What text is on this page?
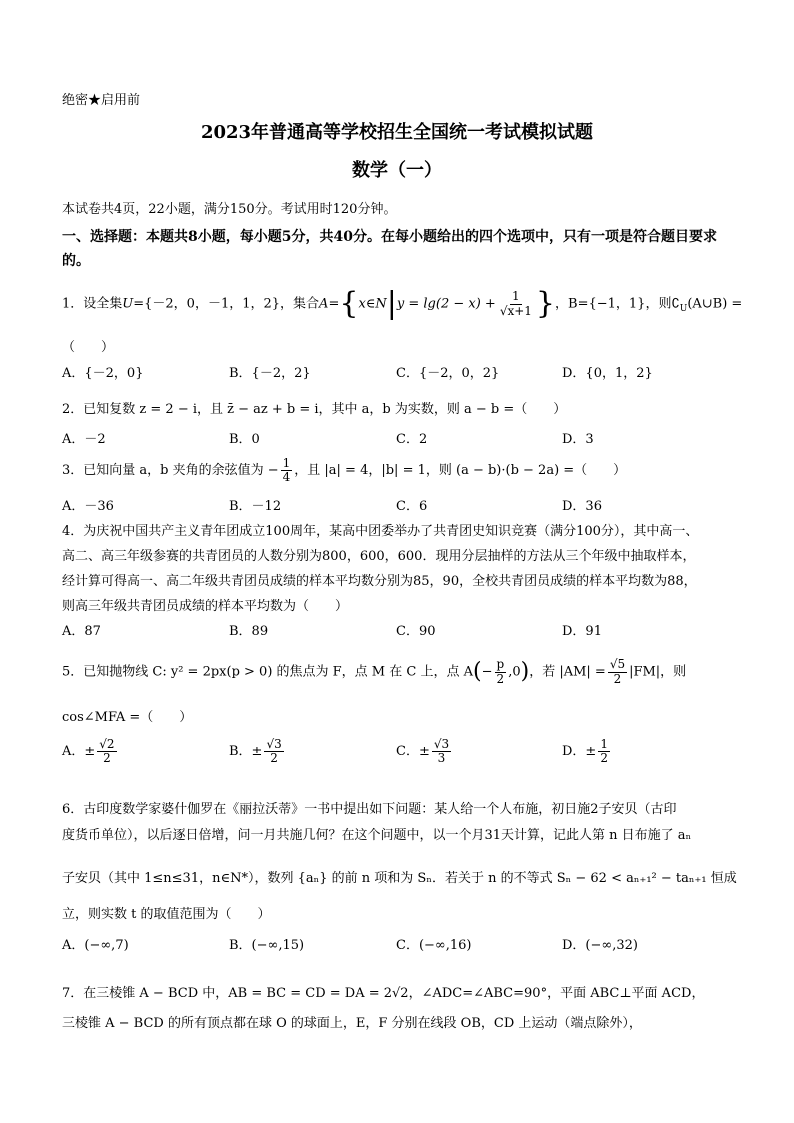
绝密★启用前
2023年普通高等学校招生全国统一考试模拟试题
数学（一）
本试卷共4页，22小题，满分150分。考试用时120分钟。
一、选择题：本题共8小题，每小题5分，共40分。在每小题给出的四个选项中，只有一项是符合题目要求的。
1．设全集U={－2，0，－1，1，2}，集合A={x∈N|y = $\lg(2 - x) + \frac{1}{√x+1}$ }，B={−1，1}，则$∁_U(A\cup B)$ =
（　　）
A．{－2，0}	B．{－2，2}	C．{－2，0，2}	D．{0，1，2}
2．已知复数 z = 2 − i，且 z̄ − az + b = i，其中 a，b 为实数，则 a − b =（　　）
A．－2	B．0	C．2	D．3
3．已知向量 a，b 夹角的余弦值为 − $\frac{1}{4}$ ，且 |a| = 4，|b| = 1，则 (a − b)·(b − 2a) =（　　）
A．－36	B．－12	C．6	D．36
4．为庆祝中国共产主义青年团成立100周年，某高中团委举办了共青团史知识竞赛（满分100分），其中高一、
高二、高三年级参赛的共青团员的人数分别为800，600，600．现用分层抽样的方法从三个年级中抽取样本，
经计算可得高一、高二年级共青团员成绩的样本平均数分别为85，90，全校共青团员成绩的样本平均数为88，
则高三年级共青团员成绩的样本平均数为（　　）
A．87	B．89	C．90	D．91
5．已知抛物线 C: y² = 2px(p > 0) 的焦点为 F，点 M 在 C 上，点 $A(- \frac{p}{2} ,0)$，若 $|AM| = \frac{√5}{2} |FM|$，则
cos∠MFA =（　　）
A．± $\frac{√2}{2}$	B．± $\frac{√3}{2}$	C．± $\frac{√3}{3}$	D．± $\frac{1}{2}$
6．古印度数学家婆什伽罗在《丽拉沃蒂》一书中提出如下问题：某人给一个人布施，初日施2子安贝（古印
度货币单位），以后逐日倍增，问一月共施几何？在这个问题中，以一个月31天计算，记此人第 n 日布施了 aₙ
子安贝（其中 1≤n≤31，n∈N*），数列 {aₙ} 的前 n 项和为 Sₙ．若关于 n 的不等式 Sₙ − 62 < aₙ₊₁² − taₙ₊₁ 恒成
立，则实数 t 的取值范围为（　　）
A．(−∞,7)	B．(−∞,15)	C．(−∞,16)	D．(−∞,32)
7．在三棱锥 A − BCD 中，AB = BC = CD = DA = 2√2，∠ADC=∠ABC=90°，平面 ABC⊥平面 ACD，
三棱锥 A − BCD 的所有顶点都在球 O 的球面上，E，F 分别在线段 OB，CD 上运动（端点除外），
